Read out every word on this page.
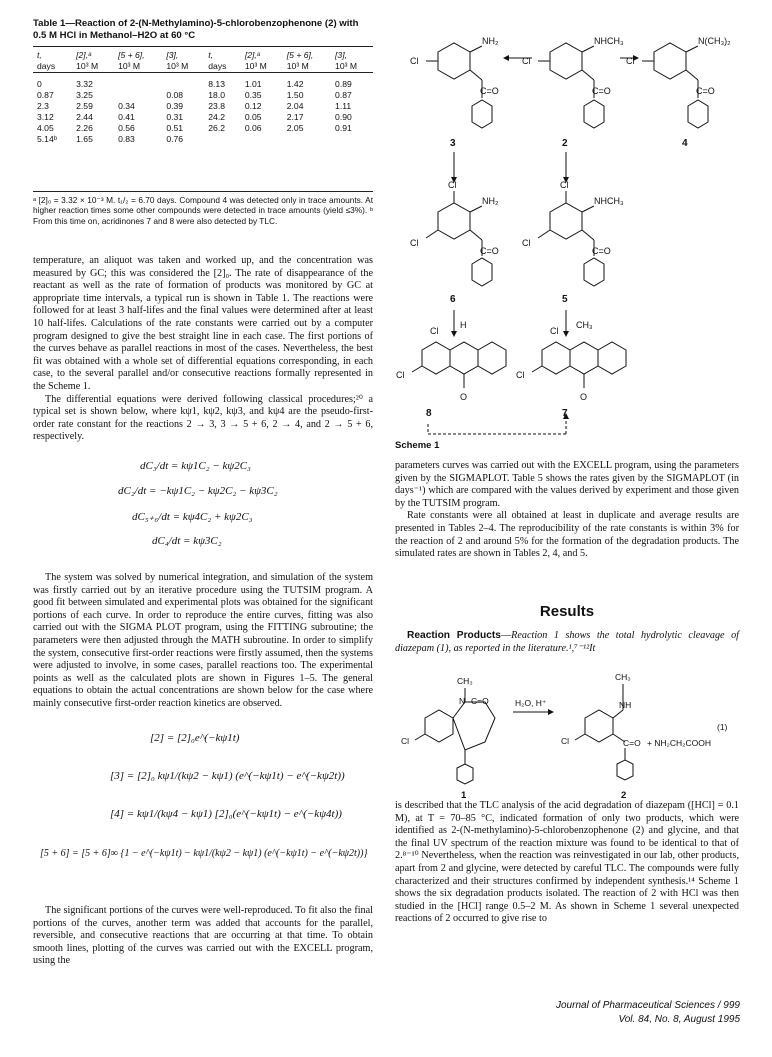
Table 1—Reaction of 2-(N-Methylamino)-5-chlorobenzophenone (2) with 0.5 M HCl in Methanol–H2O at 60 °C
t,	[2],ᵃ	[5 + 6],	[3],	t,	[2],ᵃ	[5 + 6],	[3],
days	10³ M	10³ M	10³ M	days	10³ M	10³ M	10³ M

0	3.32			8.13	1.01	1.42	0.89
0.87	3.25		0.08	18.0	0.35	1.50	0.87
2.3	2.59	0.34	0.39	23.8	0.12	2.04	1.11
3.12	2.44	0.41	0.31	24.2	0.05	2.17	0.90
4.05	2.26	0.56	0.51	26.2	0.06	2.05	0.91
5.14ᵇ	1.65	0.83	0.76				
ᵃ [2]₀ = 3.32 × 10⁻³ M. t₁/₂ = 6.70 days. Compound 4 was detected only in trace amounts. At higher reaction times some other compounds were detected in trace amounts (yield ≤3%). ᵇ From this time on, acridinones 7 and 8 were also detected by TLC.

temperature, an aliquot was taken and worked up, and the concentration was measured by GC; this was considered the [2]₀. The rate of disappearance of the reactant as well as the rate of formation of products was monitored by GC at appropriate time intervals, a typical run is shown in Table 1. The reactions were followed for at least 3 half-lifes and the final values were determined after at least 10 half-lifes. Calculations of the rate constants were carried out by a computer program designed to give the best straight line in each case. The first portions of the curves behave as parallel reactions in most of the cases. Nevertheless, the best fit was obtained with a whole set of differential equations corresponding, in each case, to the several parallel and/or consecutive reactions formally represented in the Scheme 1.

The differential equations were derived following classical procedures;²⁰ a typical set is shown below, where kψ1, kψ2, kψ3, and kψ4 are the pseudo-first-order rate constant for the reactions 2 → 3, 3 → 5 + 6, 2 → 4, and 2 → 5 + 6, respectively.

dC₃/dt = kψ1C₂ − kψ2C₃
dC₂/dt = −kψ1C₂ − kψ2C₂ − kψ3C₂
dC₅₊₆/dt = kψ4C₂ + kψ2C₃
dC₄/dt = kψ3C₂

The system was solved by numerical integration, and simulation of the system was firstly carried out by an iterative procedure using the TUTSIM program. A good fit between simulated and experimental plots was obtained for the significant portions of each curve. In order to reproduce the entire curves, fitting was also carried out with the SIGMA PLOT program, using the FITTING subroutine; the parameters were then adjusted through the MATH subroutine. In order to simplify the system, consecutive first-order reactions were firstly assumed, then the systems were adjusted to involve, in some cases, parallel reactions too. The experimental points as well as the calculated plots are shown in Figures 1–5. The general equations to obtain the actual concentrations are shown below for the case where mainly consecutive first-order reaction kinetics are observed.

[2] = [2]₀e^(−kψ1t)
[3] = [2]₀ kψ1/(kψ2 − kψ1) (e^(−kψ1t) − e^(−kψ2t))
[4] = kψ1/(kψ4 − kψ1) [2]₀(e^(−kψ1t) − e^(−kψ4t))
[5 + 6] = [5 + 6]∞ {1 − e^(−kψ1t) − kψ1/(kψ2 − kψ1) (e^(−kψ1t) − e^(−kψ2t))}

The significant portions of the curves were well-reproduced. To fit also the final portions of the curves, another term was added that accounts for the parallel, reversible, and consecutive reactions that are occurring at that time. To obtain smooth lines, plotting of the curves was carried out with the EXCELL program, using the

NH₂	NHCH₃	N(CH₃)₂
C=O	C=O	C=O
Cl	Cl	Cl
NH₂	NHCH₃
C=O	C=O
Cl	Cl
Cl	Cl
H	CH₃
Cl	Cl
Cl	Cl
O	O
3	2	4
6	5
8	7
Scheme 1

parameters curves was carried out with the EXCELL program, using the parameters given by the SIGMAPLOT. Table 5 shows the rates given by the SIGMAPLOT (in days⁻¹) which are compared with the values derived by experiment and those given by the TUTSIM program.

Rate constants were all obtained at least in duplicate and average results are presented in Tables 2–4. The reproducibility of the rate constants is within 3% for the reaction of 2 and around 5% for the formation of the degradation products. The simulated rates are shown in Tables 2, 4, and 5.

Results

Reaction Products—Reaction 1 shows the total hydrolytic cleavage of diazepam (1), as reported in the literature.¹,⁷⁻¹²It

CH₃
N C=O
Cl
H₂O, H⁺
CH₃
NH
C=O + NH₂CH₂COOH
Cl
(1)
1	2

is described that the TLC analysis of the acid degradation of diazepam ([HCl] = 0.1 M), at T = 70–85 °C, indicated formation of only two products, which were identified as 2-(N-methylamino)-5-chlorobenzophenone (2) and glycine, and that the final UV spectrum of the reaction mixture was found to be identical to that of 2.⁸⁻¹⁰ Nevertheless, when the reaction was reinvestigated in our lab, other products, apart from 2 and glycine, were detected by careful TLC. The compounds were fully characterized and their structures confirmed by independent synthesis.¹⁴ Scheme 1 shows the six degradation products isolated. The reaction of 2 with HCl was then studied in the [HCl] range 0.5–2 M. As shown in Scheme 1 several unexpected reactions of 2 occurred to give rise to

Journal of Pharmaceutical Sciences / 999
Vol. 84, No. 8, August 1995
